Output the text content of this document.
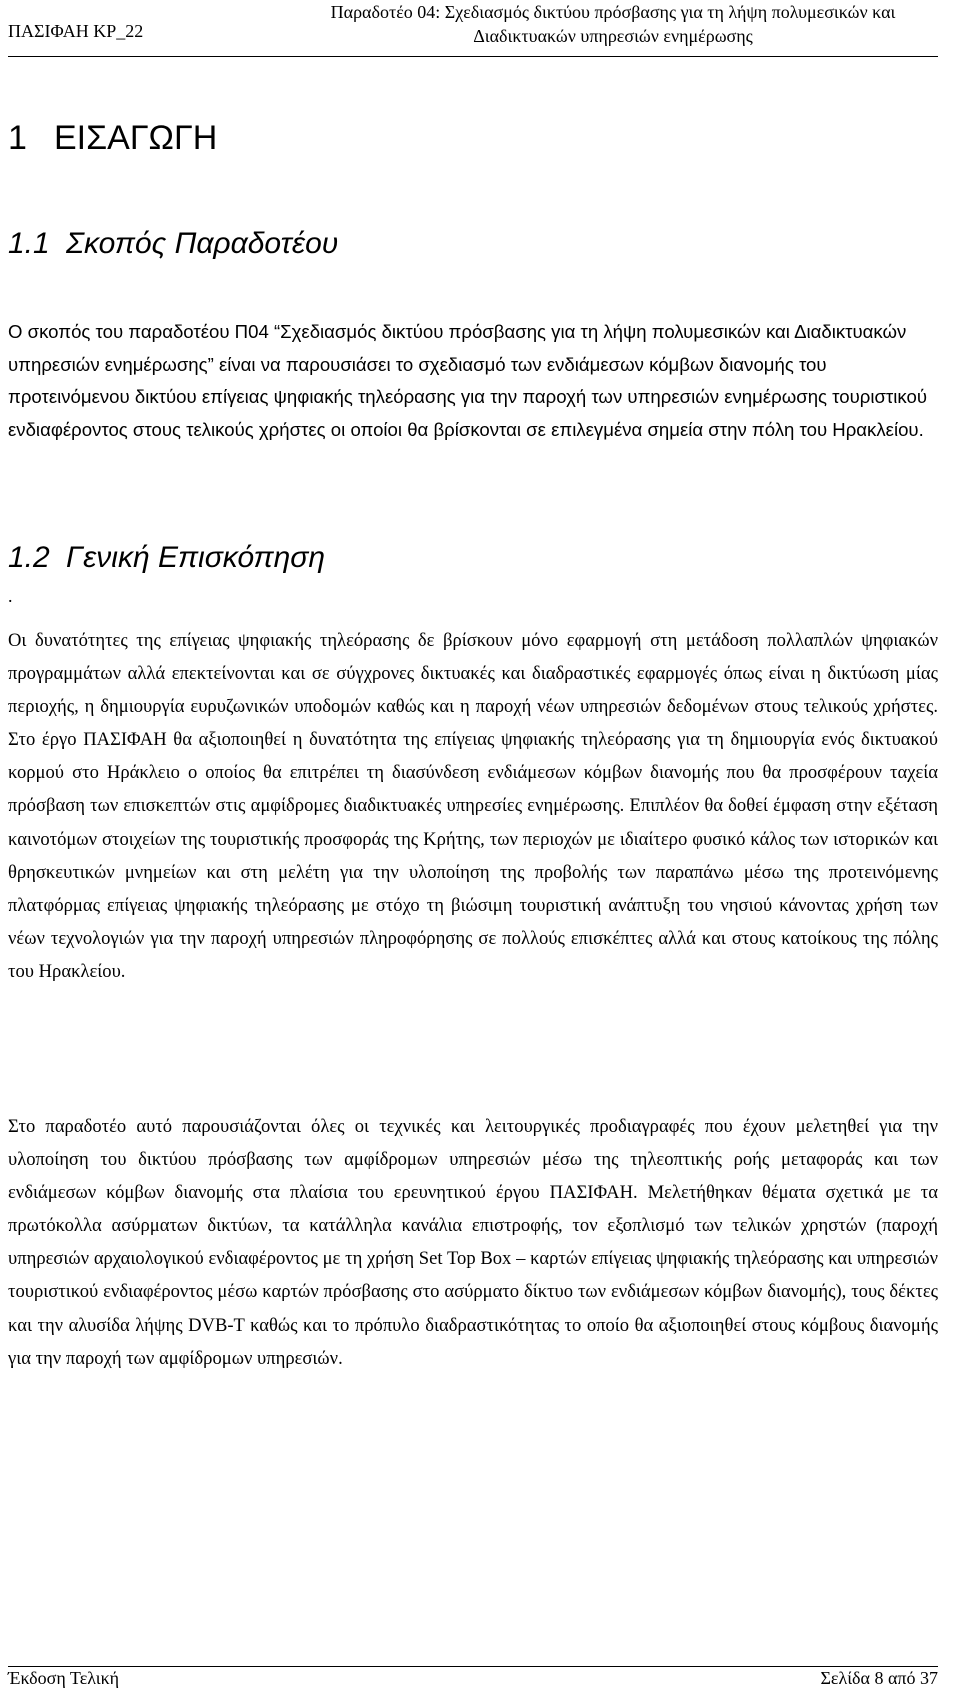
ΠΑΣΙΦΑΗ ΚΡ_22
Παραδοτέο 04: Σχεδιασμός δικτύου πρόσβασης για τη λήψη πολυμεσικών και
Διαδικτυακών υπηρεσιών ενημέρωσης
1 ΕΙΣΑΓΩΓΗ
1.1 Σκοπός Παραδοτέου
Ο σκοπός του παραδοτέου Π04 “Σχεδιασμός δικτύου πρόσβασης για τη λήψη πολυμεσικών και Διαδικτυακών υπηρεσιών ενημέρωσης” είναι να παρουσιάσει το σχεδιασμό των ενδιάμεσων κόμβων διανομής του προτεινόμενου δικτύου επίγειας ψηφιακής τηλεόρασης για την παροχή των υπηρεσιών ενημέρωσης τουριστικού ενδιαφέροντος στους τελικούς χρήστες οι οποίοι θα βρίσκονται σε επιλεγμένα σημεία στην πόλη του Ηρακλείου.
1.2 Γενική Επισκόπηση
.
Οι δυνατότητες της επίγειας ψηφιακής τηλεόρασης δε βρίσκουν μόνο εφαρμογή στη μετάδοση πολλαπλών ψηφιακών προγραμμάτων αλλά επεκτείνονται και σε σύγχρονες δικτυακές και διαδραστικές εφαρμογές όπως είναι η δικτύωση μίας περιοχής, η δημιουργία ευρυζωνικών υποδομών καθώς και η παροχή νέων υπηρεσιών δεδομένων στους τελικούς χρήστες. Στο έργο ΠΑΣΙΦΑΗ θα αξιοποιηθεί η δυνατότητα της επίγειας ψηφιακής τηλεόρασης για τη δημιουργία ενός δικτυακού κορμού στο Ηράκλειο ο οποίος θα επιτρέπει τη διασύνδεση ενδιάμεσων κόμβων διανομής που θα προσφέρουν ταχεία πρόσβαση των επισκεπτών στις αμφίδρομες διαδικτυακές υπηρεσίες ενημέρωσης. Επιπλέον θα δοθεί έμφαση στην εξέταση καινοτόμων στοιχείων της τουριστικής προσφοράς της Κρήτης, των περιοχών με ιδιαίτερο φυσικό κάλος των ιστορικών και θρησκευτικών μνημείων και στη μελέτη για την υλοποίηση της προβολής των παραπάνω μέσω της προτεινόμενης πλατφόρμας επίγειας ψηφιακής τηλεόρασης με στόχο τη βιώσιμη τουριστική ανάπτυξη του νησιού κάνοντας χρήση των νέων τεχνολογιών για την παροχή υπηρεσιών πληροφόρησης σε πολλούς επισκέπτες αλλά και στους κατοίκους της πόλης του Ηρακλείου.
Στο παραδοτέο αυτό παρουσιάζονται όλες οι τεχνικές και λειτουργικές προδιαγραφές που έχουν μελετηθεί για την υλοποίηση του δικτύου πρόσβασης των αμφίδρομων υπηρεσιών μέσω της τηλεοπτικής ροής μεταφοράς και των ενδιάμεσων κόμβων διανομής στα πλαίσια του ερευνητικού έργου ΠΑΣΙΦΑΗ. Μελετήθηκαν θέματα σχετικά με τα πρωτόκολλα ασύρματων δικτύων, τα κατάλληλα κανάλια επιστροφής, τον εξοπλισμό των τελικών χρηστών (παροχή υπηρεσιών αρχαιολογικού ενδιαφέροντος με τη χρήση Set Top Box – καρτών επίγειας ψηφιακής τηλεόρασης και υπηρεσιών τουριστικού ενδιαφέροντος μέσω καρτών πρόσβασης στο ασύρματο δίκτυο των ενδιάμεσων κόμβων διανομής), τους δέκτες και την αλυσίδα λήψης DVB-T καθώς και το πρόπυλο διαδραστικότητας το οποίο θα αξιοποιηθεί στους κόμβους διανομής για την παροχή των αμφίδρομων υπηρεσιών.
Έκδοση Τελική	Σελίδα 8 από 37
